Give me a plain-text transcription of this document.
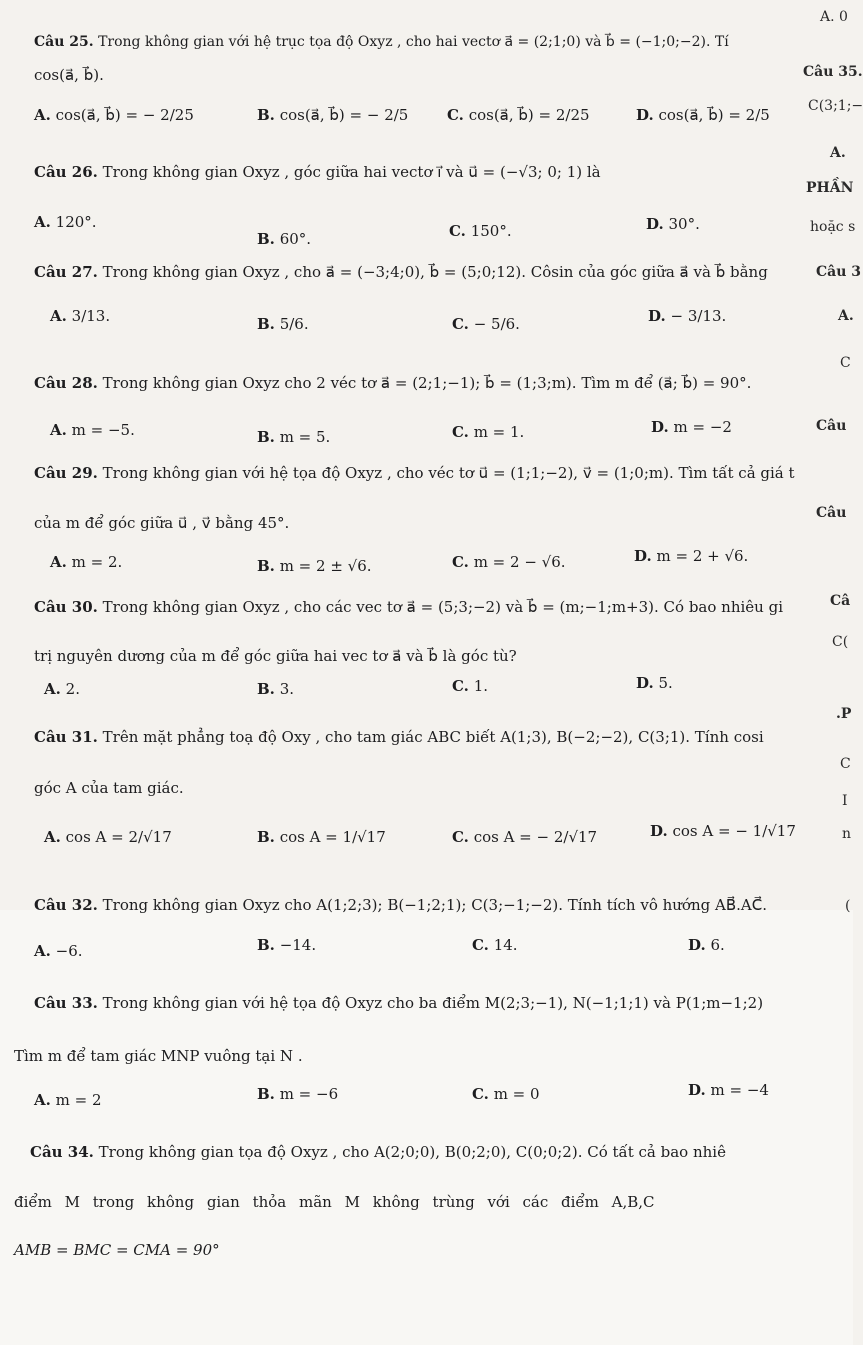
Câu 25. Trong không gian với hệ trục tọa độ Oxyz , cho hai vectơ a⃗ = (2;1;0) và b⃗ = (−1;0;−2). Tí
cos(a⃗, b⃗).
A. cos(a⃗, b⃗) = − 2/25	B. cos(a⃗, b⃗) = − 2/5	C. cos(a⃗, b⃗) = 2/25	D. cos(a⃗, b⃗) = 2/5
Câu 26. Trong không gian Oxyz , góc giữa hai vectơ i⃗ và u⃗ = (−√3; 0; 1) là
A. 120°.
B. 60°.	C. 150°.	D. 30°.
Câu 27. Trong không gian Oxyz , cho a⃗ = (−3;4;0), b⃗ = (5;0;12). Côsin của góc giữa a⃗ và b⃗ bằng
A. 3/13.	B. 5/6.	C. − 5/6.	D. − 3/13.
Câu 28. Trong không gian Oxyz cho 2 véc tơ a⃗ = (2;1;−1); b⃗ = (1;3;m). Tìm m để (a⃗; b⃗) = 90°.
A. m = −5.	B. m = 5.	C. m = 1.	D. m = −2
Câu 29. Trong không gian với hệ tọa độ Oxyz , cho véc tơ u⃗ = (1;1;−2), v⃗ = (1;0;m). Tìm tất cả giá t
của m để góc giữa u⃗ , v⃗ bằng 45°.
A. m = 2.	B. m = 2 ± √6.	C. m = 2 − √6.	D. m = 2 + √6.
Câu 30. Trong không gian Oxyz , cho các vec tơ a⃗ = (5;3;−2) và b⃗ = (m;−1;m+3). Có bao nhiêu gi
trị nguyên dương của m để góc giữa hai vec tơ a⃗ và b⃗ là góc tù?
A. 2.	B. 3.	C. 1.	D. 5.
Câu 31. Trên mặt phẳng toạ độ Oxy , cho tam giác ABC biết A(1;3), B(−2;−2), C(3;1). Tính cosi
góc A của tam giác.
A. cos A = 2/√17	B. cos A = 1/√17	C. cos A = − 2/√17	D. cos A = − 1/√17
Câu 32. Trong không gian Oxyz cho A(1;2;3); B(−1;2;1); C(3;−1;−2). Tính tích vô hướng AB⃗.AC⃗.
A. −6.	B. −14.	C. 14.	D. 6.
Câu 33. Trong không gian với hệ tọa độ Oxyz cho ba điểm M(2;3;−1), N(−1;1;1) và P(1;m−1;2)
Tìm m để tam giác MNP vuông tại N .
A. m = 2	B. m = −6	C. m = 0	D. m = −4
Câu 34. Trong không gian tọa độ Oxyz , cho A(2;0;0), B(0;2;0), C(0;0;2). Có tất cả bao nhiê
điểm M trong không gian thỏa mãn M không trùng với các điểm A,B,C
AMB = BMC = CMA = 90°
A. 0
Câu 35.
C(3;1;−
A.
PHẦN
hoặc s
Câu 3
A.
C
Câu
Câu
Câ
C(
.P
C
I
n
(
